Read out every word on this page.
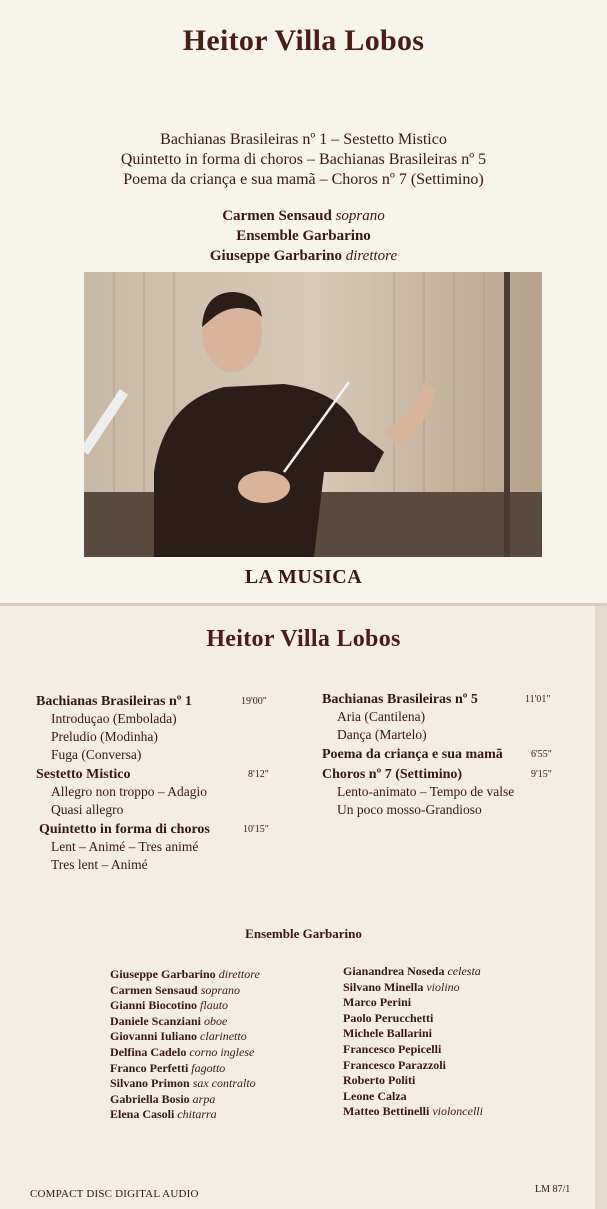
Heitor Villa Lobos
Bachianas Brasileiras nº 1 – Sestetto Mistico
Quintetto in forma di choros – Bachianas Brasileiras nº 5
Poema da criança e sua mamã – Choros nº 7 (Settimino)
Carmen Sensaud soprano
Ensemble Garbarino
Giuseppe Garbarino direttore
LA MUSICA
Heitor Villa Lobos
Bachianas Brasileiras nº 1	19'00"
Introduçao (Embolada)
Preludio (Modinha)
Fuga (Conversa)
Sestetto Mistico	8'12"
Allegro non troppo – Adagio
Quasi allegro
Quintetto in forma di choros	10'15"
Lent – Animé – Tres animé
Tres lent – Animé
Bachianas Brasileiras nº 5	11'01"
Aria (Cantilena)
Dança (Martelo)
Poema da criança e sua mamã	6'55"
Choros nº 7 (Settimino)	9'15"
Lento-animato – Tempo de valse
Un poco mosso-Grandioso
Ensemble Garbarino
Giuseppe Garbarino direttore
Carmen Sensaud soprano
Gianni Biocotino flauto
Daniele Scanziani oboe
Giovanni Iuliano clarinetto
Delfina Cadelo corno inglese
Franco Perfetti fagotto
Silvano Primon sax contralto
Gabriella Bosio arpa
Elena Casoli chitarra
Gianandrea Noseda celesta
Silvano Minella violino
Marco Perini
Paolo Perucchetti
Michele Ballarini
Francesco Pepicelli
Francesco Parazzoli
Roberto Politi
Leone Calza
Matteo Bettinelli violoncelli
COMPACT DISC DIGITAL AUDIO	LM 87/1
